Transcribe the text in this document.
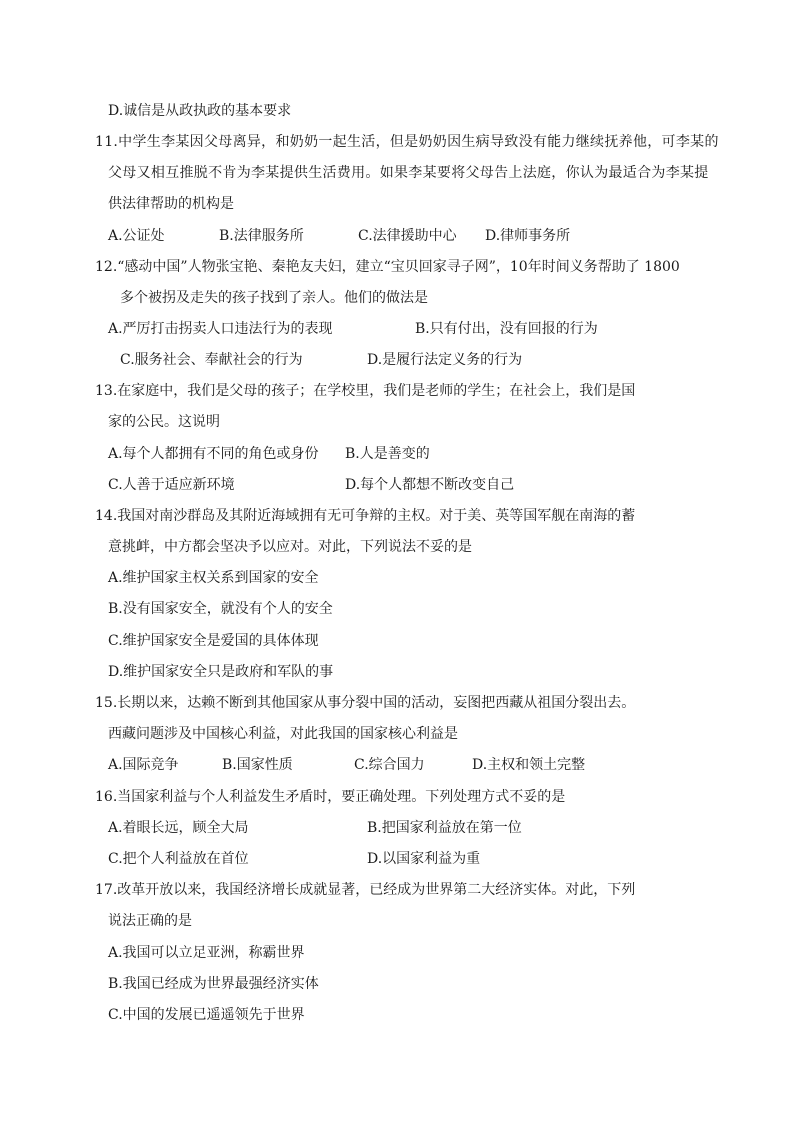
D.诚信是从政执政的基本要求
11.中学生李某因父母离异，和奶奶一起生活，但是奶奶因生病导致没有能力继续抚养他，可李某的
父母又相互推脱不肯为李某提供生活费用。如果李某要将父母告上法庭，你认为最适合为李某提
供法律帮助的机构是
A.公证处	B.法律服务所	C.法律援助中心 D.律师事务所
12.“感动中国”人物张宝艳、秦艳友夫妇，建立“宝贝回家寻子网”，10年时间义务帮助了 1800
多个被拐及走失的孩子找到了亲人。他们的做法是
A.严厉打击拐卖人口违法行为的表现	B.只有付出，没有回报的行为
C.服务社会、奉献社会的行为	D.是履行法定义务的行为
13.在家庭中，我们是父母的孩子；在学校里，我们是老师的学生；在社会上，我们是国
家的公民。这说明
A.每个人都拥有不同的角色或身份 B.人是善变的
C.人善于适应新环境	D.每个人都想不断改变自己
14.我国对南沙群岛及其附近海域拥有无可争辩的主权。对于美、英等国军舰在南海的蓄
意挑衅，中方都会坚决予以应对。对此，下列说法不妥的是
A.维护国家主权关系到国家的安全
B.没有国家安全，就没有个人的安全
C.维护国家安全是爱国的具体体现
D.维护国家安全只是政府和军队的事
15.长期以来，达赖不断到其他国家从事分裂中国的活动，妄图把西藏从祖国分裂出去。
西藏问题涉及中国核心利益，对此我国的国家核心利益是
A.国际竞争	B.国家性质	C.综合国力	D.主权和领土完整
16.当国家利益与个人利益发生矛盾时，要正确处理。下列处理方式不妥的是
A.着眼长远，顾全大局	B.把国家利益放在第一位
C.把个人利益放在首位	D.以国家利益为重
17.改革开放以来，我国经济增长成就显著，已经成为世界第二大经济实体。对此，下列
说法正确的是
A.我国可以立足亚洲，称霸世界
B.我国已经成为世界最强经济实体
C.中国的发展已遥遥领先于世界
